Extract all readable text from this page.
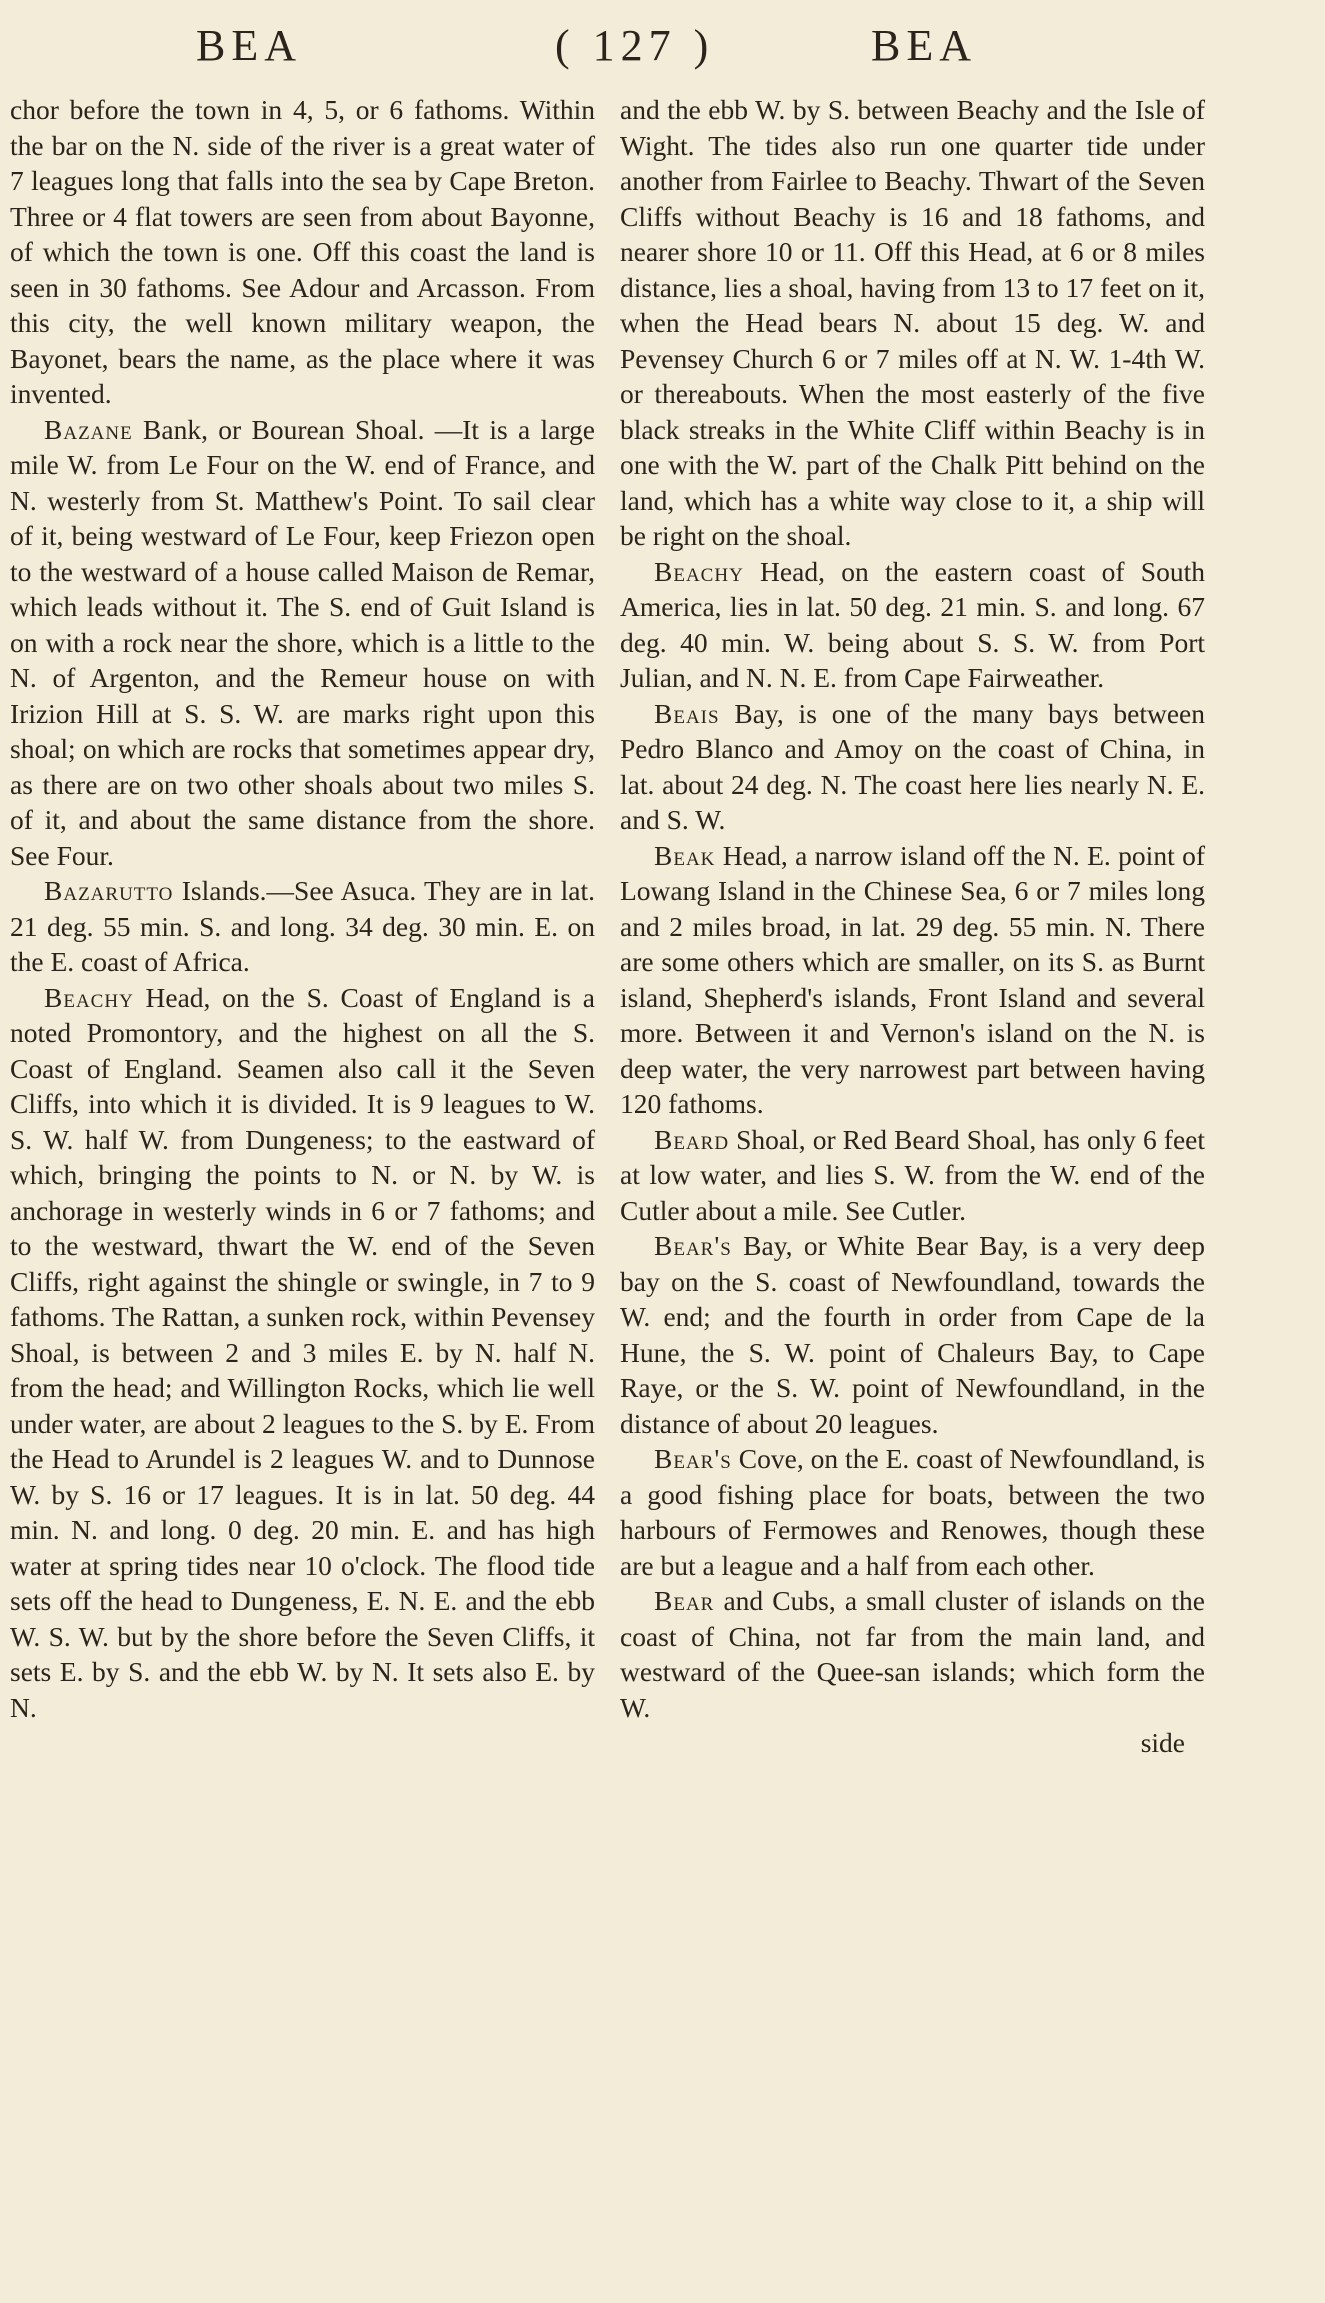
BEA	( 127 )	BEA

chor before the town in 4, 5, or 6 fathoms. Within the bar on the N. side of the river is a great water of 7 leagues long that falls into the sea by Cape Breton. Three or 4 flat towers are seen from about Bayonne, of which the town is one. Off this coast the land is seen in 30 fathoms. See Adour and Arcasson. From this city, the well known military weapon, the Bayonet, bears the name, as the place where it was invented.

Bazane Bank, or Bourean Shoal. —It is a large mile W. from Le Four on the W. end of France, and N. westerly from St. Matthew's Point. To sail clear of it, being westward of Le Four, keep Friezon open to the westward of a house called Maison de Remar, which leads without it. The S. end of Guit Island is on with a rock near the shore, which is a little to the N. of Argenton, and the Remeur house on with Irizion Hill at S. S. W. are marks right upon this shoal; on which are rocks that sometimes appear dry, as there are on two other shoals about two miles S. of it, and about the same distance from the shore. See Four.

Bazarutto Islands.—See Asuca. They are in lat. 21 deg. 55 min. S. and long. 34 deg. 30 min. E. on the E. coast of Africa.

Beachy Head, on the S. Coast of England is a noted Promontory, and the highest on all the S. Coast of England. Seamen also call it the Seven Cliffs, into which it is divided. It is 9 leagues to W. S. W. half W. from Dungeness; to the eastward of which, bringing the points to N. or N. by W. is anchorage in westerly winds in 6 or 7 fathoms; and to the westward, thwart the W. end of the Seven Cliffs, right against the shingle or swingle, in 7 to 9 fathoms. The Rattan, a sunken rock, within Pevensey Shoal, is between 2 and 3 miles E. by N. half N. from the head; and Willington Rocks, which lie well under water, are about 2 leagues to the S. by E. From the Head to Arundel is 2 leagues W. and to Dunnose W. by S. 16 or 17 leagues. It is in lat. 50 deg. 44 min. N. and long. 0 deg. 20 min. E. and has high water at spring tides near 10 o'clock. The flood tide sets off the head to Dungeness, E. N. E. and the ebb W. S. W. but by the shore before the Seven Cliffs, it sets E. by S. and the ebb W. by N. It sets also E. by N.

and the ebb W. by S. between Beachy and the Isle of Wight. The tides also run one quarter tide under another from Fairlee to Beachy. Thwart of the Seven Cliffs without Beachy is 16 and 18 fathoms, and nearer shore 10 or 11. Off this Head, at 6 or 8 miles distance, lies a shoal, having from 13 to 17 feet on it, when the Head bears N. about 15 deg. W. and Pevensey Church 6 or 7 miles off at N. W. 1-4th W. or thereabouts. When the most easterly of the five black streaks in the White Cliff within Beachy is in one with the W. part of the Chalk Pitt behind on the land, which has a white way close to it, a ship will be right on the shoal.

Beachy Head, on the eastern coast of South America, lies in lat. 50 deg. 21 min. S. and long. 67 deg. 40 min. W. being about S. S. W. from Port Julian, and N. N. E. from Cape Fairweather.

Beais Bay, is one of the many bays between Pedro Blanco and Amoy on the coast of China, in lat. about 24 deg. N. The coast here lies nearly N. E. and S. W.

Beak Head, a narrow island off the N. E. point of Lowang Island in the Chinese Sea, 6 or 7 miles long and 2 miles broad, in lat. 29 deg. 55 min. N. There are some others which are smaller, on its S. as Burnt island, Shepherd's islands, Front Island and several more. Between it and Vernon's island on the N. is deep water, the very narrowest part between having 120 fathoms.

Beard Shoal, or Red Beard Shoal, has only 6 feet at low water, and lies S. W. from the W. end of the Cutler about a mile. See Cutler.

Bear's Bay, or White Bear Bay, is a very deep bay on the S. coast of Newfoundland, towards the W. end; and the fourth in order from Cape de la Hune, the S. W. point of Chaleurs Bay, to Cape Raye, or the S. W. point of Newfoundland, in the distance of about 20 leagues.

Bear's Cove, on the E. coast of Newfoundland, is a good fishing place for boats, between the two harbours of Fermowes and Renowes, though these are but a league and a half from each other.

Bear and Cubs, a small cluster of islands on the coast of China, not far from the main land, and westward of the Quee-san islands; which form the W.

side
